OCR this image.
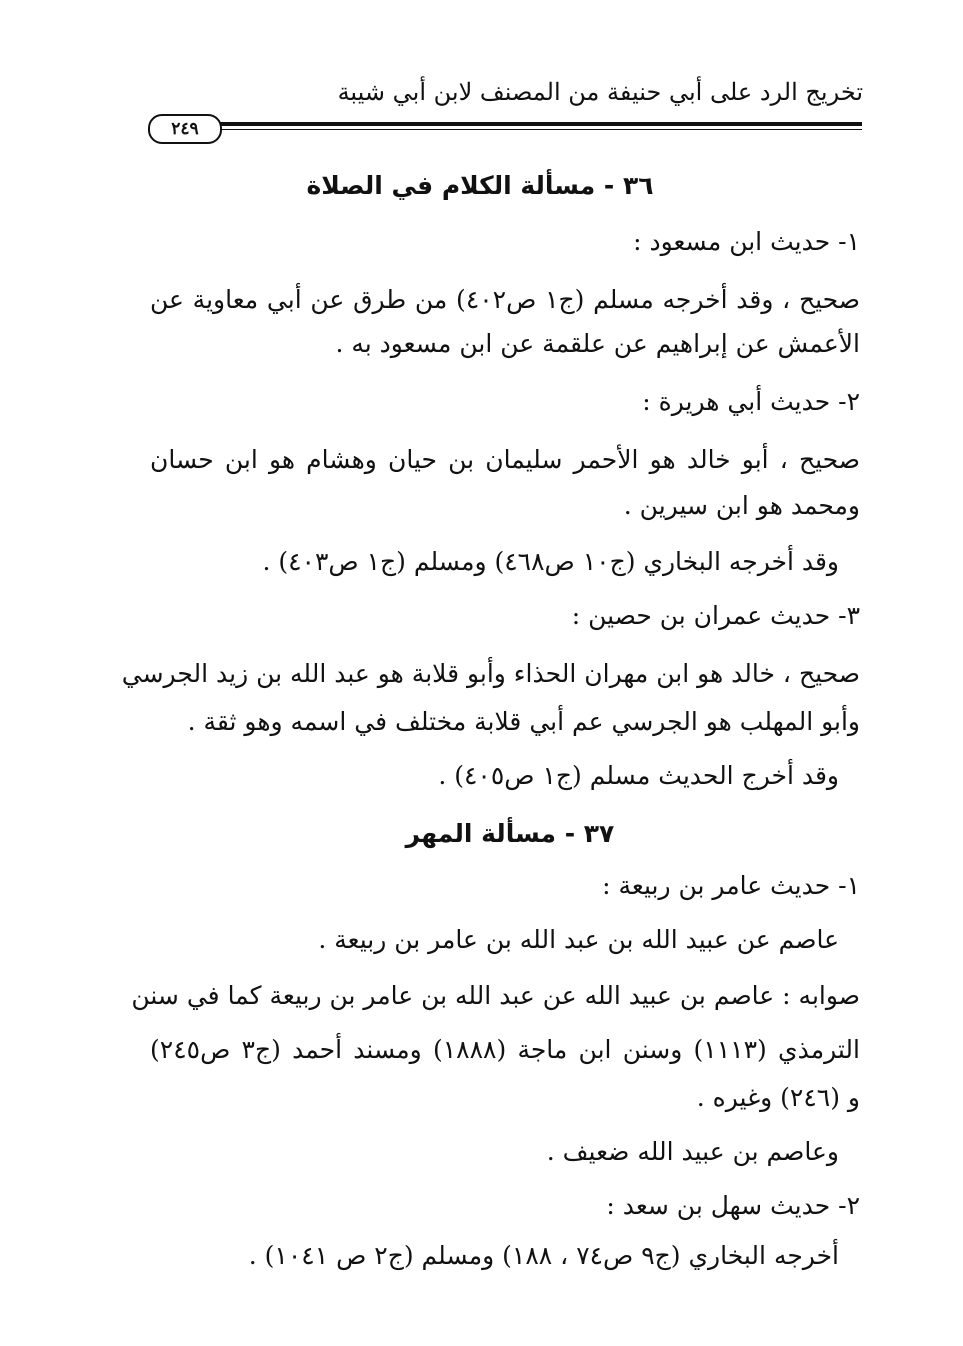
تخريج الرد على أبي حنيفة من المصنف لابن أبي شيبة
٢٤٩
٣٦ - مسألة الكلام في الصلاة
١- حديث ابن مسعود :
صحيح ، وقد أخرجه مسلم (ج١ ص٤٠٢) من طرق عن أبي معاوية عن
الأعمش عن إبراهيم عن علقمة عن ابن مسعود به .
٢- حديث أبي هريرة :
صحيح ، أبو خالد هو الأحمر سليمان بن حيان وهشام هو ابن حسان
ومحمد هو ابن سيرين .
وقد أخرجه البخاري (ج١٠ ص٤٦٨) ومسلم (ج١ ص٤٠٣) .
٣- حديث عمران بن حصين :
صحيح ، خالد هو ابن مهران الحذاء وأبو قلابة هو عبد الله بن زيد الجرسي
وأبو المهلب هو الجرسي عم أبي قلابة مختلف في اسمه وهو ثقة .
وقد أخرج الحديث مسلم (ج١ ص٤٠٥) .
٣٧ - مسألة المهر
١- حديث عامر بن ربيعة :
عاصم عن عبيد الله بن عبد الله بن عامر بن ربيعة .
صوابه : عاصم بن عبيد الله عن عبد الله بن عامر بن ربيعة كما في سنن
الترمذي (١١١٣) وسنن ابن ماجة (١٨٨٨) ومسند أحمد (ج٣ ص٢٤٥)
و (٢٤٦) وغيره .
وعاصم بن عبيد الله ضعيف .
٢- حديث سهل بن سعد :
أخرجه البخاري (ج٩ ص٧٤ ، ١٨٨) ومسلم (ج٢ ص ١٠٤١) .
